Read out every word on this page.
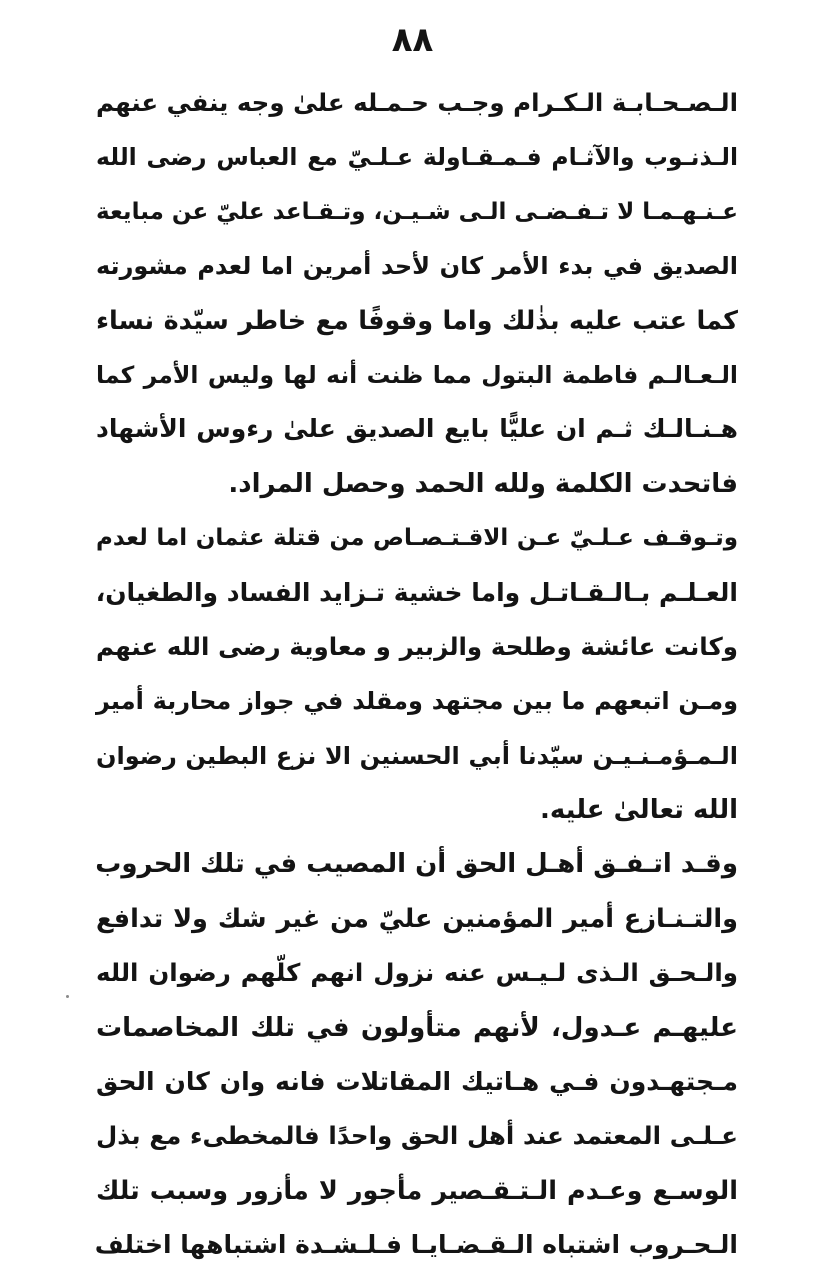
٨٨
الـصـحـابـة الـكـرام وجـب حـمـله علىٰ وجه ينفي عنهم
الـذنـوب والآثـام فـمـقـاولة عـلـيّ مع العباس رضى الله
عـنـهـمـا لا تـفـضـى الـى شـيـن، وتـقـاعد عليّ عن مبايعة
الصديق في بدء الأمر كان لأحد أمرين اما لعدم مشورته
كما عتب عليه بذٰلك واما وقوفًا مع خاطر سيّدة نساء
الـعـالـم فاطمة البتول مما ظنت أنه لها وليس الأمر كما
هـنـالـك ثـم ان عليًّا بايع الصديق علىٰ رءوس الأشهاد
فاتحدت الكلمة ولله الحمد وحصل المراد.
وتـوقـف عـلـيّ عـن الاقـتـصـاص من قتلة عثمان اما لعدم
العـلـم بـالـقـاتـل واما خشية تـزايد الفساد والطغيان،
وكانت عائشة وطلحة والزبير و معاوية رضى الله عنهم
ومـن اتبعهم ما بين مجتهد ومقلد في جواز محاربة أمير
الـمـؤمـنـيـن سيّدنا أبي الحسنين الا نزع البطين رضوان
الله تعالىٰ عليه.
وقـد اتـفـق أهـل الحق أن المصيب في تلك الحروب
والتـنـازع أمير المؤمنين عليّ من غير شك ولا تدافع
والـحـق الـذى لـيـس عنه نزول انهم كلّهم رضوان الله
عليهـم عـدول، لأنهم متأولون في تلك المخاصمات
مـجتهـدون فـي هـاتيك المقاتلات فانه وان كان الحق
عـلـى المعتمد عند أهل الحق واحدًا فالمخطىء مع بذل
الوسـع وعـدم الـتـقـصير مأجور لا مأزور وسبب تلك
الـحـروب اشتباه الـقـضـايـا فـلـشـدة اشتباهها اختلف
